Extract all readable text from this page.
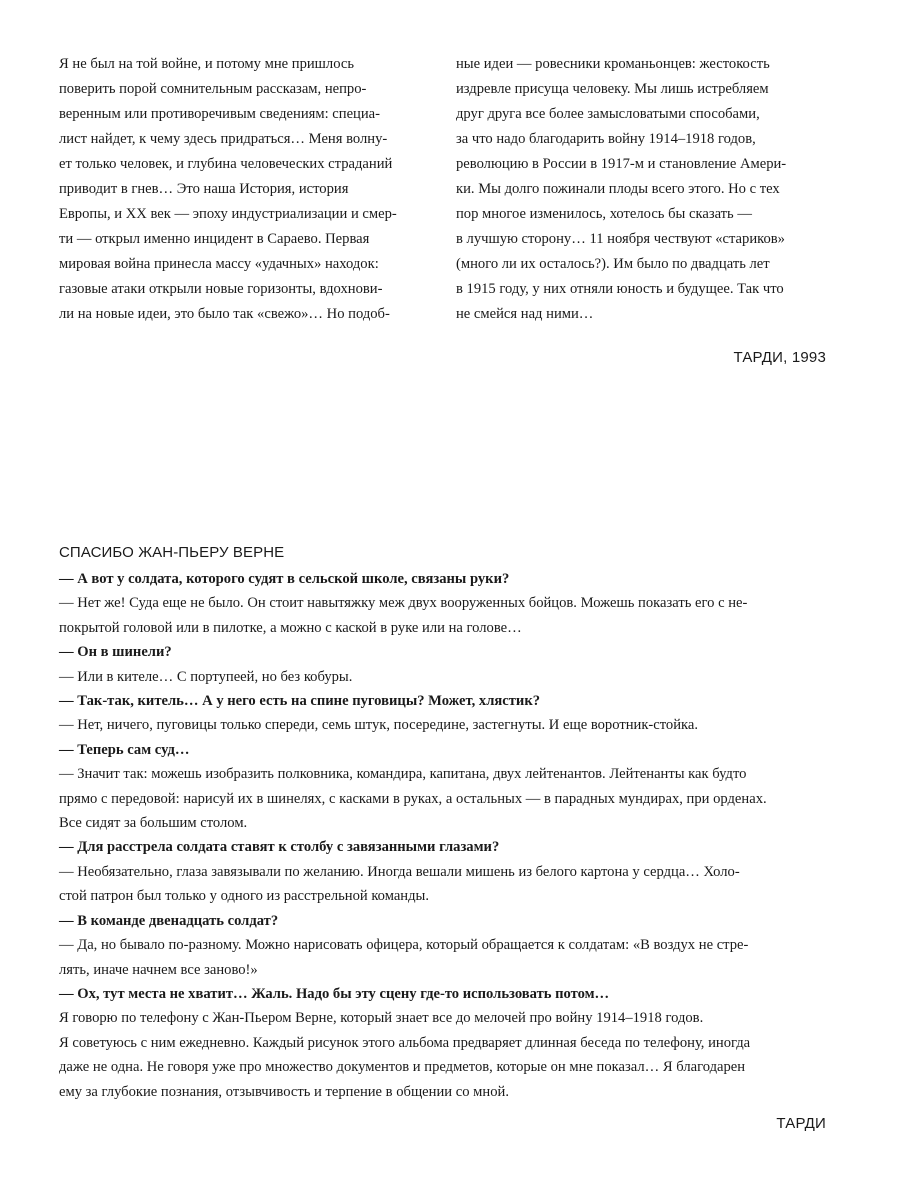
Я не был на той войне, и потому мне пришлось
поверить порой сомнительным рассказам, непро-
веренным или противоречивым сведениям: специа-
лист найдет, к чему здесь придраться… Меня волну-
ет только человек, и глубина человеческих страданий
приводит в гнев… Это наша История, история
Европы, и XX век — эпоху индустриализации и смер-
ти — открыл именно инцидент в Сараево. Первая
мировая война принесла массу «удачных» находок:
газовые атаки открыли новые горизонты, вдохнови-
ли на новые идеи, это было так «свежо»… Но подоб-
ные идеи — ровесники кроманьонцев: жестокость
издревле присуща человеку. Мы лишь истребляем
друг друга все более замысловатыми способами,
за что надо благодарить войну 1914–1918 годов,
революцию в России в 1917-м и становление Амери-
ки. Мы долго пожинали плоды всего этого. Но с тех
пор многое изменилось, хотелось бы сказать —
в лучшую сторону… 11 ноября чествуют «стариков»
(много ли их осталось?). Им было по двадцать лет
в 1915 году, у них отняли юность и будущее. Так что
не смейся над ними…
ТАРДИ, 1993
СПАСИБО ЖАН-ПЬЕРУ ВЕРНЕ
— А вот у солдата, которого судят в сельской школе, связаны руки?
— Нет же! Суда еще не было. Он стоит навытяжку меж двух вооруженных бойцов. Можешь показать его с не-
покрытой головой или в пилотке, а можно с каской в руке или на голове…
— Он в шинели?
— Или в кителе… С портупеей, но без кобуры.
— Так-так, китель… А у него есть на спине пуговицы? Может, хлястик?
— Нет, ничего, пуговицы только спереди, семь штук, посередине, застегнуты. И еще воротник-стойка.
— Теперь сам суд…
— Значит так: можешь изобразить полковника, командира, капитана, двух лейтенантов. Лейтенанты как будто
прямо с передовой: нарисуй их в шинелях, с касками в руках, а остальных — в парадных мундирах, при орденах.
Все сидят за большим столом.
— Для расстрела солдата ставят к столбу с завязанными глазами?
— Необязательно, глаза завязывали по желанию. Иногда вешали мишень из белого картона у сердца… Холо-
стой патрон был только у одного из расстрельной команды.
— В команде двенадцать солдат?
— Да, но бывало по-разному. Можно нарисовать офицера, который обращается к солдатам: «В воздух не стре-
лять, иначе начнем все заново!»
— Ох, тут места не хватит… Жаль. Надо бы эту сцену где-то использовать потом…
Я говорю по телефону с Жан-Пьером Верне, который знает все до мелочей про войну 1914–1918 годов.
Я советуюсь с ним ежедневно. Каждый рисунок этого альбома предваряет длинная беседа по телефону, иногда
даже не одна. Не говоря уже про множество документов и предметов, которые он мне показал… Я благодарен
ему за глубокие познания, отзывчивость и терпение в общении со мной.
ТАРДИ
